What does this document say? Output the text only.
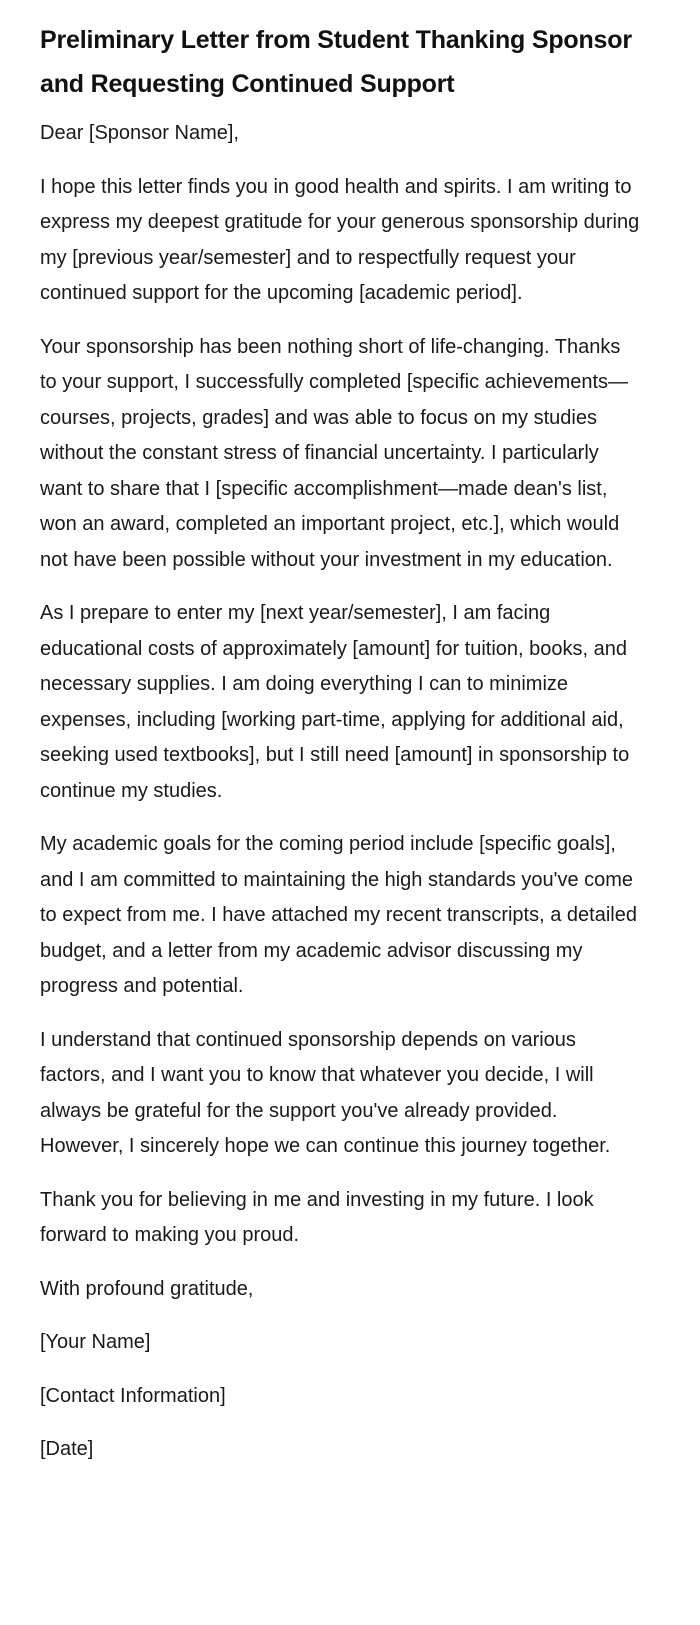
Preliminary Letter from Student Thanking Sponsor and Requesting Continued Support

Dear [Sponsor Name],

I hope this letter finds you in good health and spirits. I am writing to express my deepest gratitude for your generous sponsorship during my [previous year/semester] and to respectfully request your continued support for the upcoming [academic period].

Your sponsorship has been nothing short of life-changing. Thanks to your support, I successfully completed [specific achievements—courses, projects, grades] and was able to focus on my studies without the constant stress of financial uncertainty. I particularly want to share that I [specific accomplishment—made dean's list, won an award, completed an important project, etc.], which would not have been possible without your investment in my education.

As I prepare to enter my [next year/semester], I am facing educational costs of approximately [amount] for tuition, books, and necessary supplies. I am doing everything I can to minimize expenses, including [working part-time, applying for additional aid, seeking used textbooks], but I still need [amount] in sponsorship to continue my studies.

My academic goals for the coming period include [specific goals], and I am committed to maintaining the high standards you've come to expect from me. I have attached my recent transcripts, a detailed budget, and a letter from my academic advisor discussing my progress and potential.

I understand that continued sponsorship depends on various factors, and I want you to know that whatever you decide, I will always be grateful for the support you've already provided. However, I sincerely hope we can continue this journey together.

Thank you for believing in me and investing in my future. I look forward to making you proud.

With profound gratitude,

[Your Name]

[Contact Information]

[Date]
